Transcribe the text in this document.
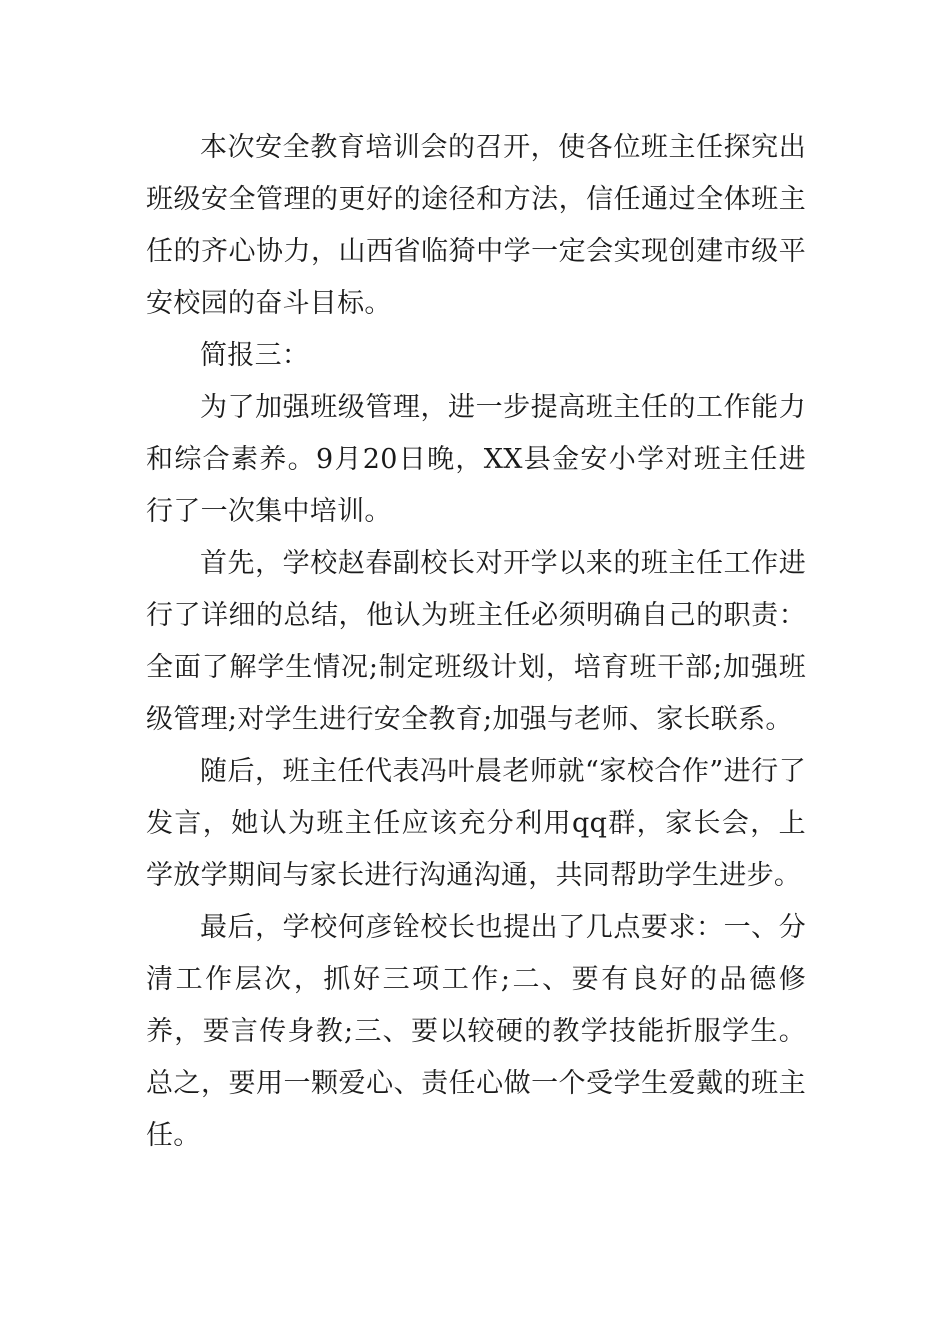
本次安全教育培训会的召开，使各位班主任探究出班级安全管理的更好的途径和方法，信任通过全体班主任的齐心协力，山西省临猗中学一定会实现创建市级平安校园的奋斗目标。

简报三：

为了加强班级管理，进一步提高班主任的工作能力和综合素养。9月20日晚，XX县金安小学对班主任进行了一次集中培训。

首先，学校赵春副校长对开学以来的班主任工作进行了详细的总结，他认为班主任必须明确自己的职责：全面了解学生情况;制定班级计划，培育班干部;加强班级管理;对学生进行安全教育;加强与老师、家长联系。

随后，班主任代表冯叶晨老师就“家校合作”进行了发言，她认为班主任应该充分利用qq群，家长会，上学放学期间与家长进行沟通沟通，共同帮助学生进步。

最后，学校何彦铨校长也提出了几点要求：一、分清工作层次，抓好三项工作;二、要有良好的品德修养，要言传身教;三、要以较硬的教学技能折服学生。总之，要用一颗爱心、责任心做一个受学生爱戴的班主任。
